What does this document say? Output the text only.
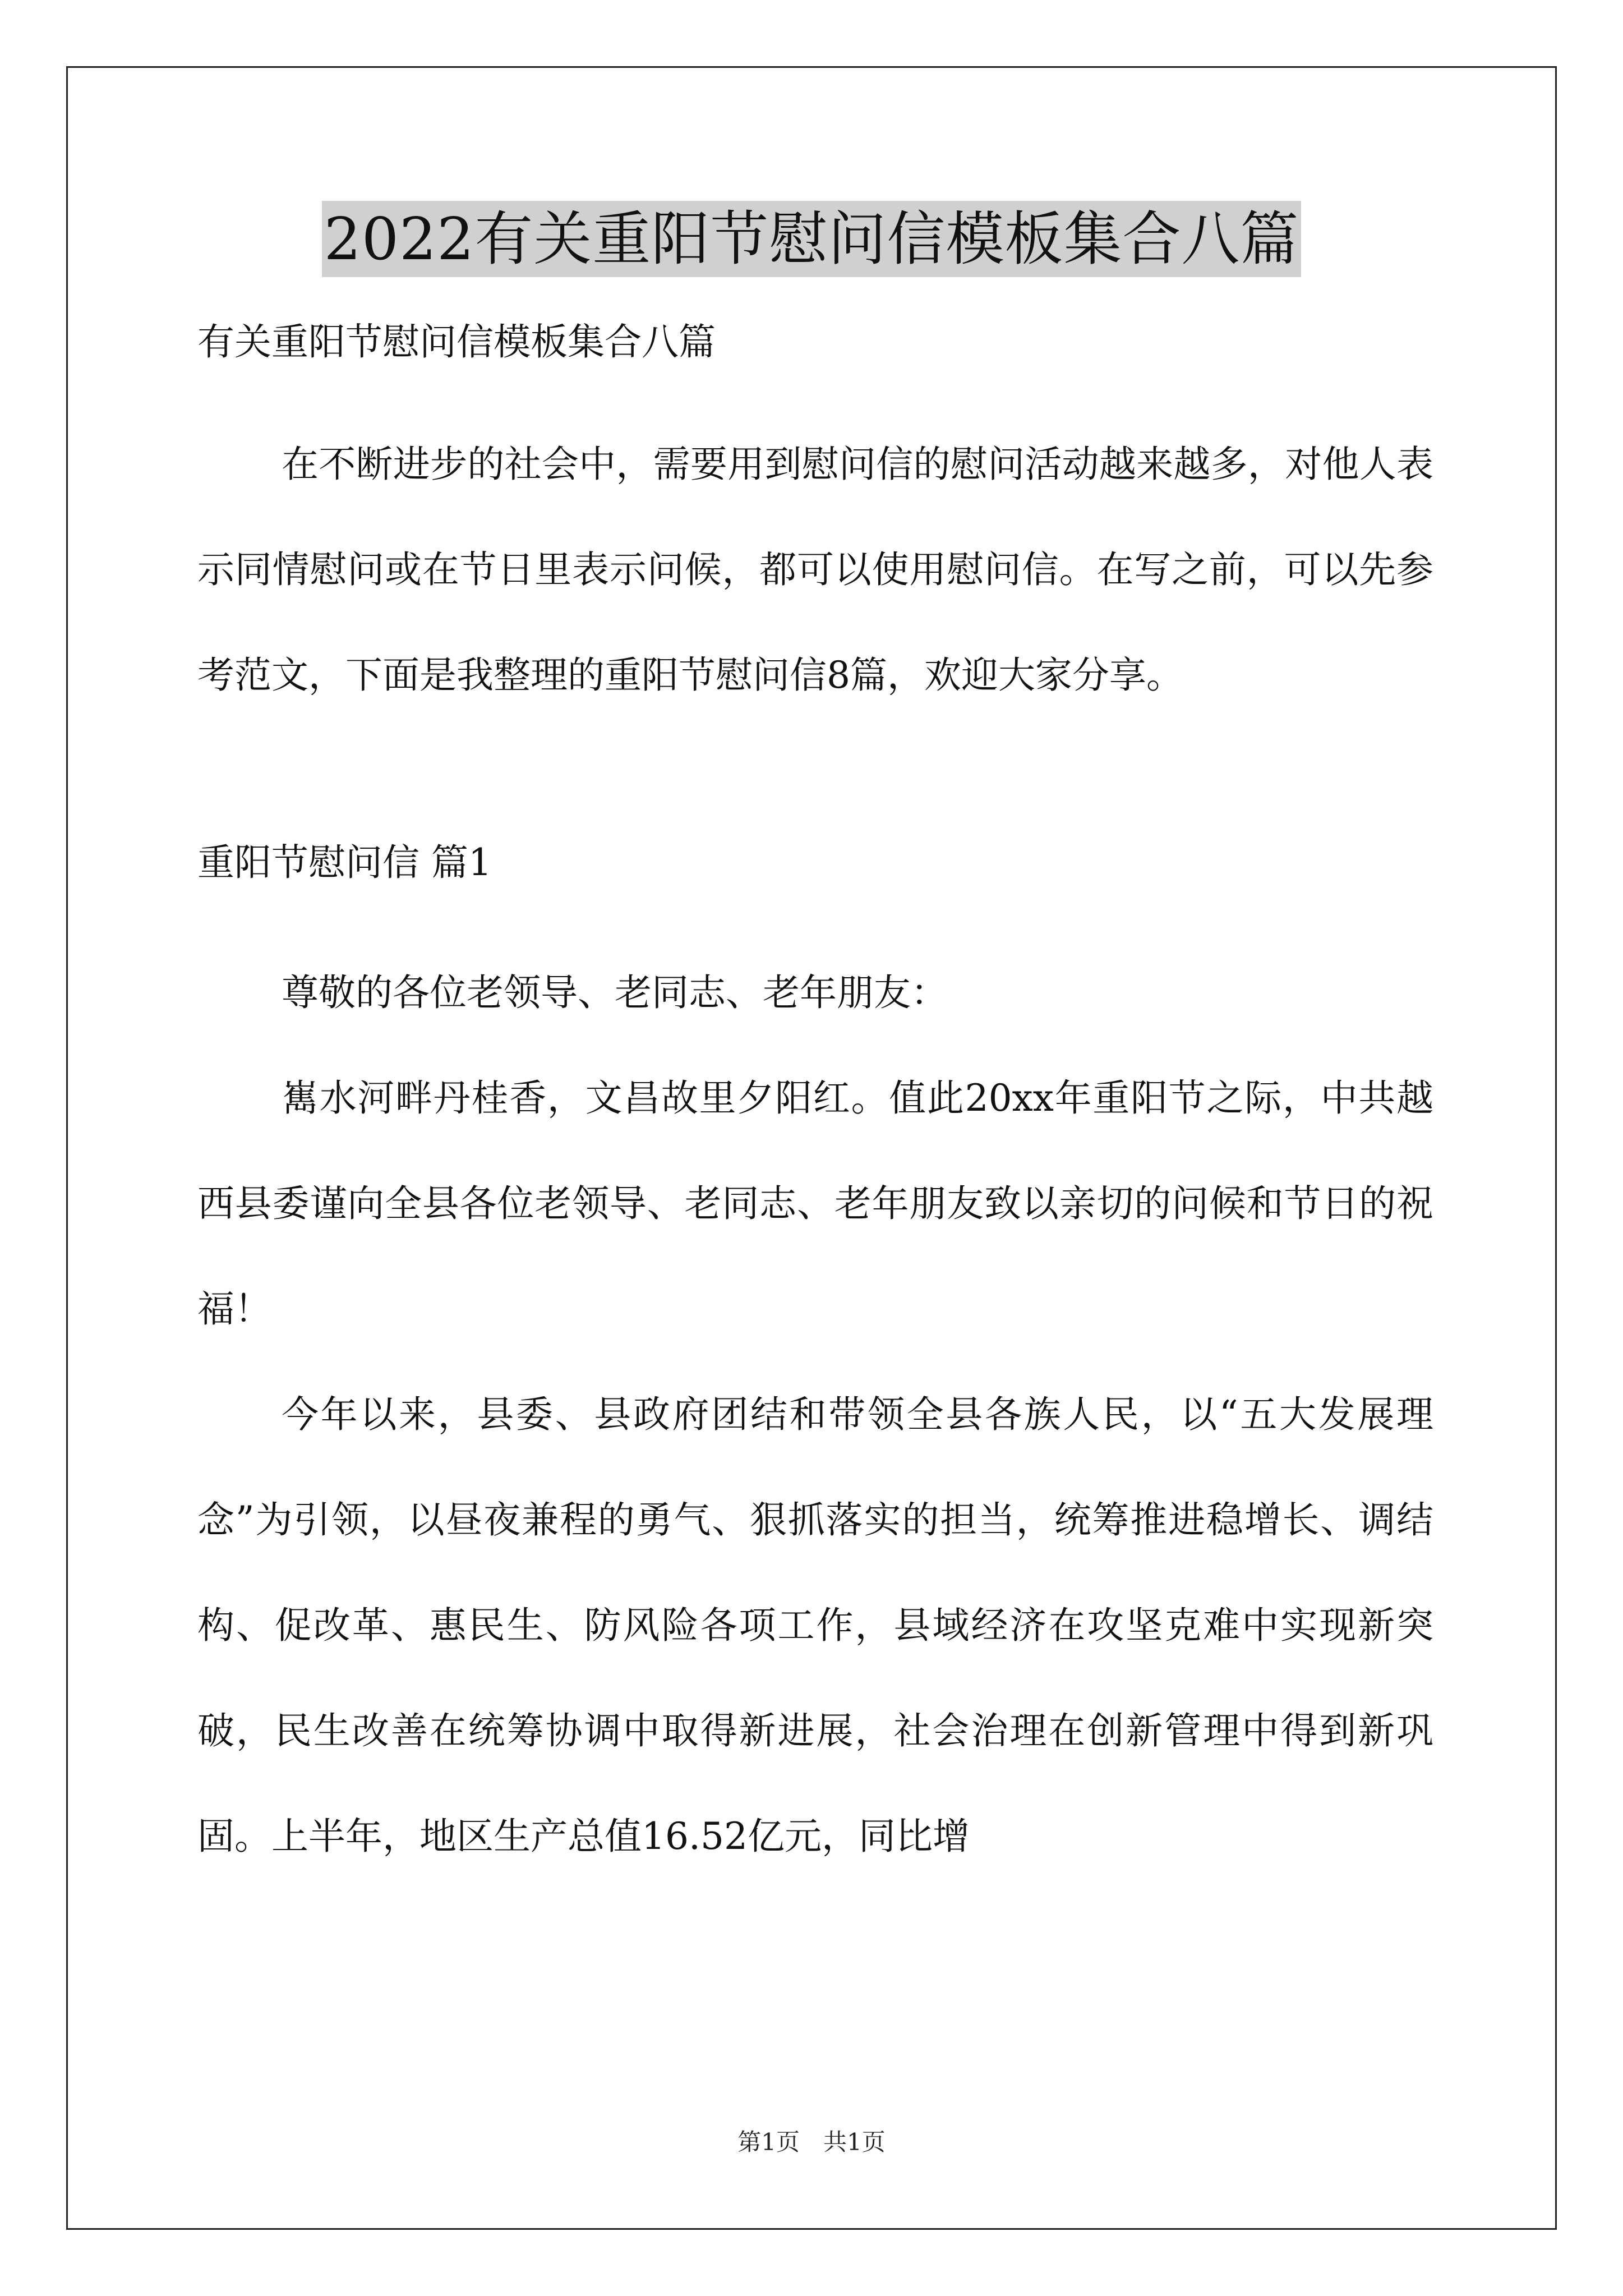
2022有关重阳节慰问信模板集合八篇

有关重阳节慰问信模板集合八篇

在不断进步的社会中，需要用到慰问信的慰问活动越来越多，对他人表示同情慰问或在节日里表示问候，都可以使用慰问信。在写之前，可以先参考范文，下面是我整理的重阳节慰问信8篇，欢迎大家分享。

重阳节慰问信 篇1

尊敬的各位老领导、老同志、老年朋友：

嶲水河畔丹桂香，文昌故里夕阳红。值此20xx年重阳节之际，中共越西县委谨向全县各位老领导、老同志、老年朋友致以亲切的问候和节日的祝福！

今年以来，县委、县政府团结和带领全县各族人民，以“五大发展理念”为引领，以昼夜兼程的勇气、狠抓落实的担当，统筹推进稳增长、调结构、促改革、惠民生、防风险各项工作，县域经济在攻坚克难中实现新突破，民生改善在统筹协调中取得新进展，社会治理在创新管理中得到新巩固。上半年，地区生产总值16.52亿元，同比增

第1页 共1页
